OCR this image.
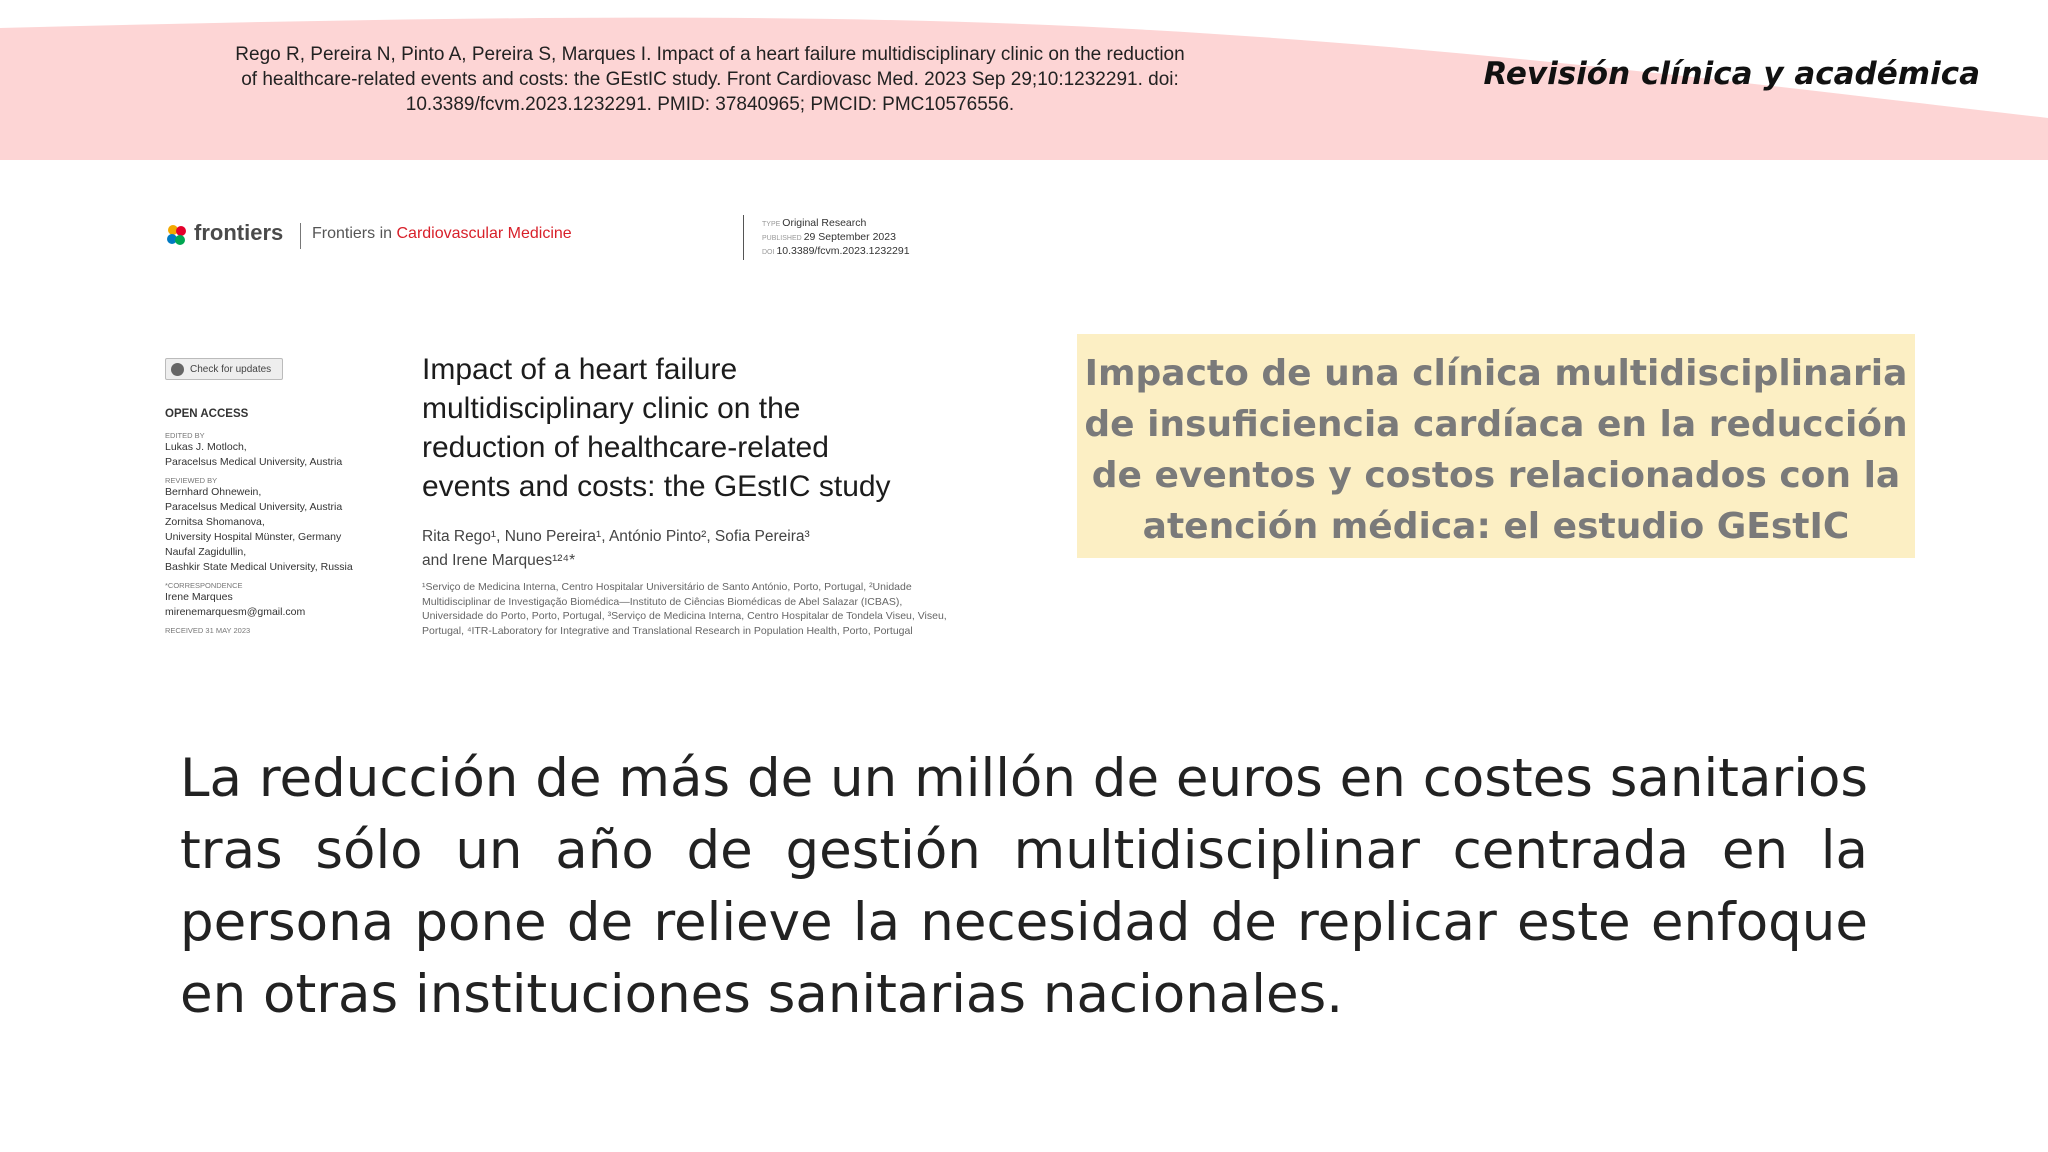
Rego R, Pereira N, Pinto A, Pereira S, Marques I. Impact of a heart failure multidisciplinary clinic on the reduction
of healthcare-related events and costs: the GEstIC study. Front Cardiovasc Med. 2023 Sep 29;10:1232291. doi:
10.3389/fcvm.2023.1232291. PMID: 37840965; PMCID: PMC10576556.
Revisión clínica y académica
frontiers Frontiers in Cardiovascular Medicine
TYPE Original Research
PUBLISHED 29 September 2023
DOI 10.3389/fcvm.2023.1232291
Check for updates
OPEN ACCESS
EDITED BY
Lukas J. Motloch,
Paracelsus Medical University, Austria
REVIEWED BY
Bernhard Ohnewein,
Paracelsus Medical University, Austria
Zornitsa Shomanova,
University Hospital Münster, Germany
Naufal Zagidullin,
Bashkir State Medical University, Russia
*CORRESPONDENCE
Irene Marques
mirenemarquesm@gmail.com
RECEIVED 31 MAY 2023
Impact of a heart failure
multidisciplinary clinic on the
reduction of healthcare-related
events and costs: the GEstIC study
Rita Rego¹, Nuno Pereira¹, António Pinto², Sofia Pereira³
and Irene Marques¹²⁴*
¹Serviço de Medicina Interna, Centro Hospitalar Universitário de Santo António, Porto, Portugal, ²Unidade Multidisciplinar de Investigação Biomédica—Instituto de Ciências Biomédicas de Abel Salazar (ICBAS), Universidade do Porto, Porto, Portugal, ³Serviço de Medicina Interna, Centro Hospitalar de Tondela Viseu, Viseu, Portugal, ⁴ITR-Laboratory for Integrative and Translational Research in Population Health, Porto, Portugal
Impacto de una clínica multidisciplinaria
de insuficiencia cardíaca en la reducción
de eventos y costos relacionados con la
atención médica: el estudio GEstIC
La reducción de más de un millón de euros en costes sanitarios tras sólo un año de gestión multidisciplinar centrada en la persona pone de relieve la necesidad de replicar este enfoque en otras instituciones sanitarias nacionales.
